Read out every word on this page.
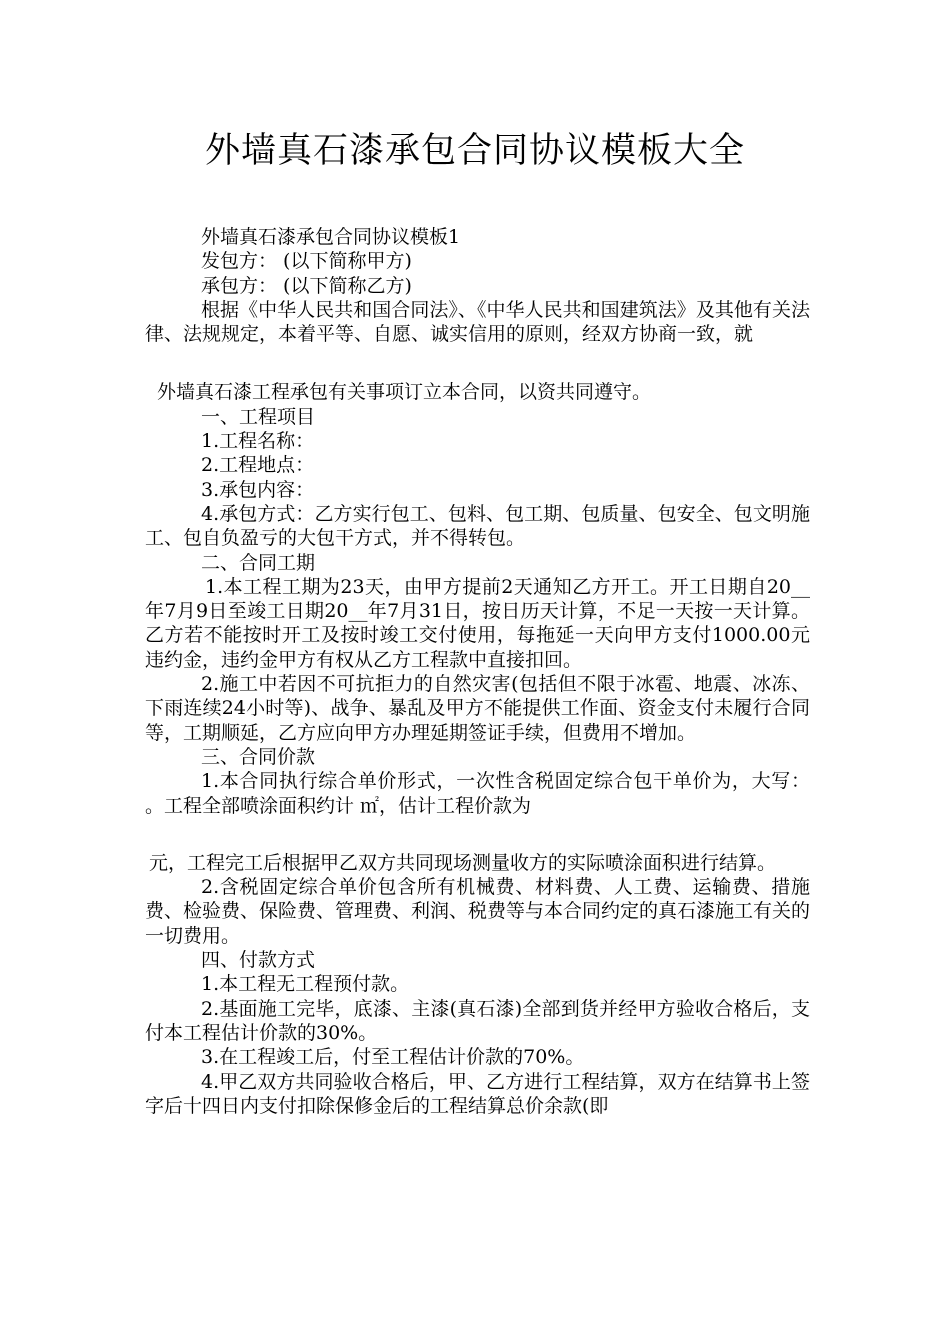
外墙真石漆承包合同协议模板大全

外墙真石漆承包合同协议模板1

发包方： (以下简称甲方)

承包方： (以下简称乙方)

根据《中华人民共和国合同法》、《中华人民共和国建筑法》及其他有关法律、法规规定，本着平等、自愿、诚实信用的原则，经双方协商一致，就

外墙真石漆工程承包有关事项订立本合同，以资共同遵守。

一、工程项目

1.工程名称：

2.工程地点：

3.承包内容：

4.承包方式：乙方实行包工、包料、包工期、包质量、包安全、包文明施工、包自负盈亏的大包干方式，并不得转包。

二、合同工期

1.本工程工期为23天，由甲方提前2天通知乙方开工。开工日期自20__年7月9日至竣工日期20__年7月31日，按日历天计算，不足一天按一天计算。乙方若不能按时开工及按时竣工交付使用，每拖延一天向甲方支付1000.00元违约金，违约金甲方有权从乙方工程款中直接扣回。

2.施工中若因不可抗拒力的自然灾害(包括但不限于冰雹、地震、冰冻、下雨连续24小时等)、战争、暴乱及甲方不能提供工作面、资金支付未履行合同等，工期顺延，乙方应向甲方办理延期签证手续，但费用不增加。

三、合同价款

1.本合同执行综合单价形式，一次性含税固定综合包干单价为，大写： 。工程全部喷涂面积约计 ㎡，估计工程价款为

元，工程完工后根据甲乙双方共同现场测量收方的实际喷涂面积进行结算。

2.含税固定综合单价包含所有机械费、材料费、人工费、运输费、措施费、检验费、保险费、管理费、利润、税费等与本合同约定的真石漆施工有关的一切费用。

四、付款方式

1.本工程无工程预付款。

2.基面施工完毕，底漆、主漆(真石漆)全部到货并经甲方验收合格后，支付本工程估计价款的30%。

3.在工程竣工后，付至工程估计价款的70%。

4.甲乙双方共同验收合格后，甲、乙方进行工程结算，双方在结算书上签字后十四日内支付扣除保修金后的工程结算总价余款(即
